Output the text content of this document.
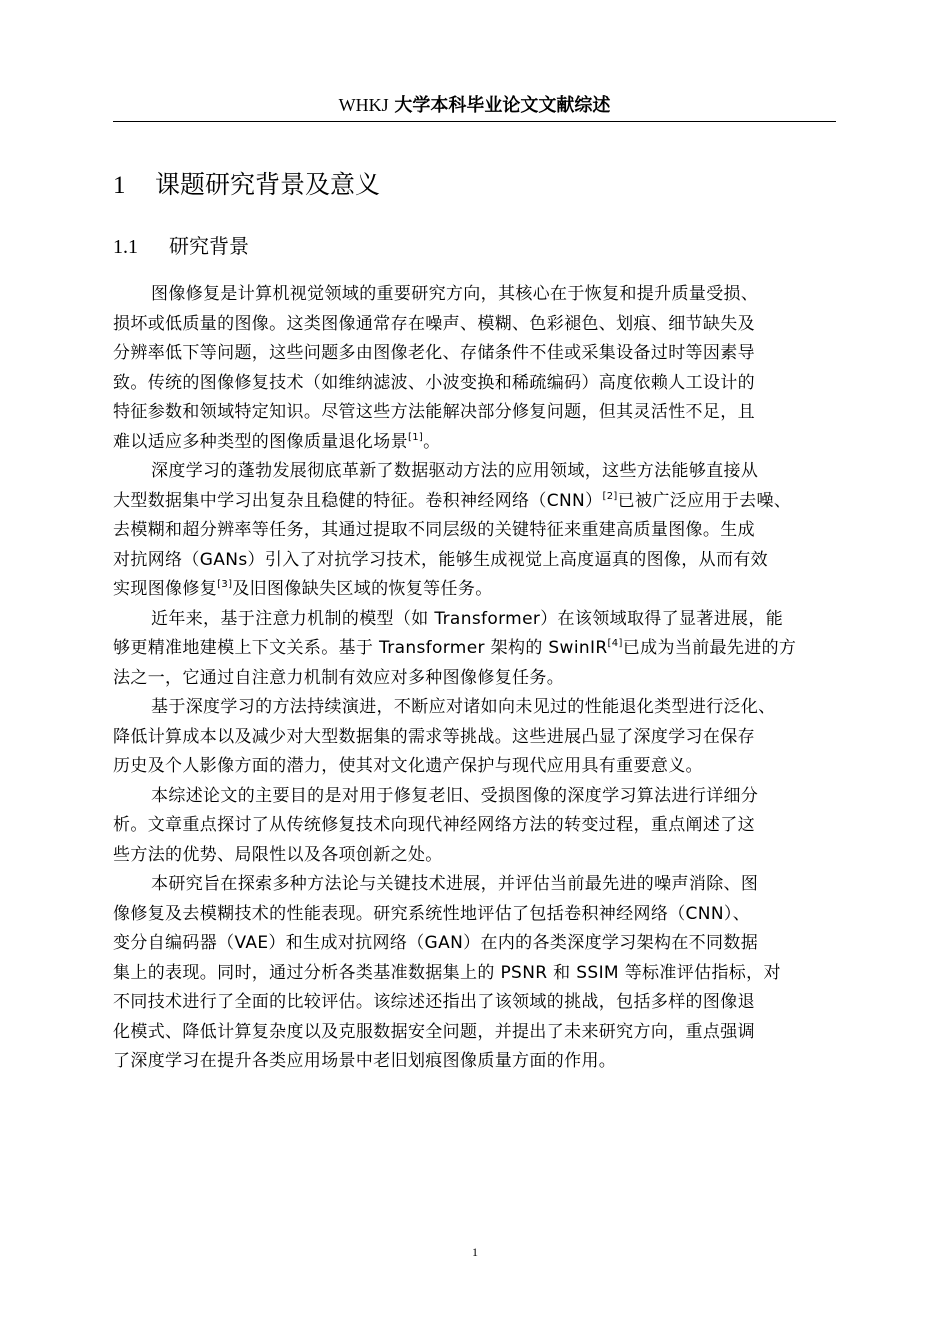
WHKJ 大学本科毕业论文文献综述
1 课题研究背景及意义
1.1 研究背景
图像修复是计算机视觉领域的重要研究方向，其核心在于恢复和提升质量受损、
损坏或低质量的图像。这类图像通常存在噪声、模糊、色彩褪色、划痕、细节缺失及
分辨率低下等问题，这些问题多由图像老化、存储条件不佳或采集设备过时等因素导
致。传统的图像修复技术（如维纳滤波、小波变换和稀疏编码）高度依赖人工设计的
特征参数和领域特定知识。尽管这些方法能解决部分修复问题，但其灵活性不足，且
难以适应多种类型的图像质量退化场景[1]。
深度学习的蓬勃发展彻底革新了数据驱动方法的应用领域，这些方法能够直接从
大型数据集中学习出复杂且稳健的特征。卷积神经网络（CNN）[2]已被广泛应用于去噪、
去模糊和超分辨率等任务，其通过提取不同层级的关键特征来重建高质量图像。生成
对抗网络（GANs）引入了对抗学习技术，能够生成视觉上高度逼真的图像，从而有效
实现图像修复[3]及旧图像缺失区域的恢复等任务。
近年来，基于注意力机制的模型（如 Transformer）在该领域取得了显著进展，能
够更精准地建模上下文关系。基于 Transformer 架构的 SwinIR[4]已成为当前最先进的方
法之一，它通过自注意力机制有效应对多种图像修复任务。
基于深度学习的方法持续演进，不断应对诸如向未见过的性能退化类型进行泛化、
降低计算成本以及减少对大型数据集的需求等挑战。这些进展凸显了深度学习在保存
历史及个人影像方面的潜力，使其对文化遗产保护与现代应用具有重要意义。
本综述论文的主要目的是对用于修复老旧、受损图像的深度学习算法进行详细分
析。文章重点探讨了从传统修复技术向现代神经网络方法的转变过程，重点阐述了这
些方法的优势、局限性以及各项创新之处。
本研究旨在探索多种方法论与关键技术进展，并评估当前最先进的噪声消除、图
像修复及去模糊技术的性能表现。研究系统性地评估了包括卷积神经网络（CNN）、
变分自编码器（VAE）和生成对抗网络（GAN）在内的各类深度学习架构在不同数据
集上的表现。同时，通过分析各类基准数据集上的 PSNR 和 SSIM 等标准评估指标，对
不同技术进行了全面的比较评估。该综述还指出了该领域的挑战，包括多样的图像退
化模式、降低计算复杂度以及克服数据安全问题，并提出了未来研究方向，重点强调
了深度学习在提升各类应用场景中老旧划痕图像质量方面的作用。
1
